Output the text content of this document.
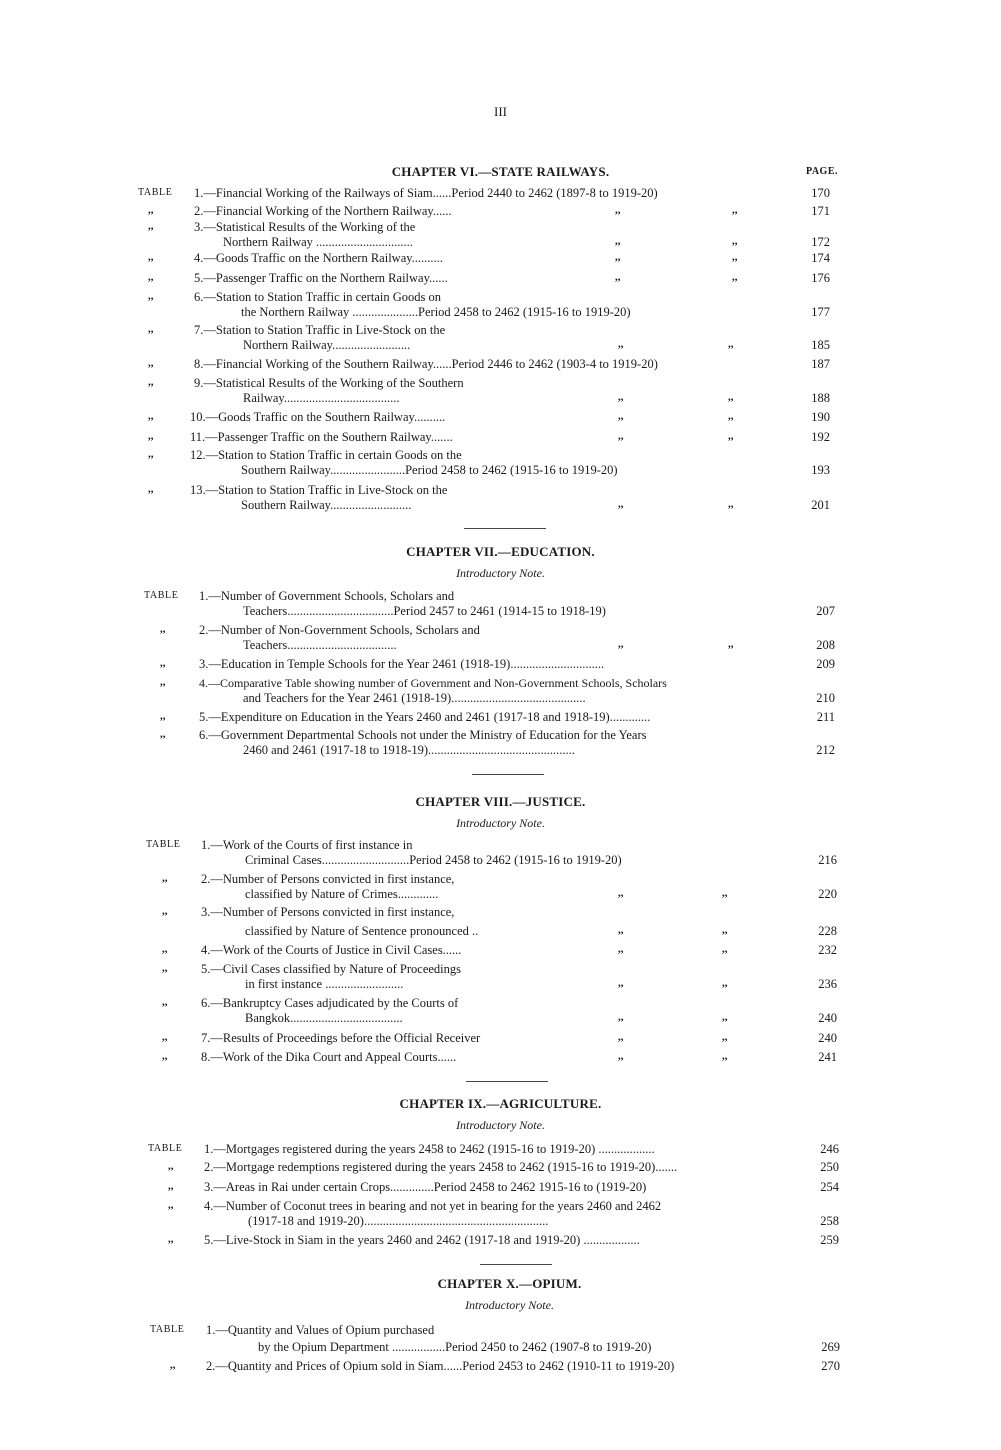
III
CHAPTER VI.—STATE RAILWAYS.	PAGE.
TABLE 1.—Financial Working of the Railways of Siam......Period 2440 to 2462 (1897-8 to 1919-20)	170
,,	2.—Financial Working of the Northern Railway......	,,	,,	171
,,	3.—Statistical Results of the Working of the
Northern Railway ...............................	,,	,,	172
,,	4.—Goods Traffic on the Northern Railway..........	,,	,,	174
,,	5.—Passenger Traffic on the Northern Railway......	,,	,,	176
,,	6.—Station to Station Traffic in certain Goods on
the Northern Railway .....................Period 2458 to 2462 (1915-16 to 1919-20)	177
,,	7.—Station to Station Traffic in Live-Stock on the
Northern Railway.........................	,,	,,	185
,,	8.—Financial Working of the Southern Railway......Period 2446 to 2462 (1903-4 to 1919-20)	187
,,	9.—Statistical Results of the Working of the Southern
Railway.....................................	,,	,,	188
,,	10.—Goods Traffic on the Southern Railway..........	,,	,,	190
,,	11.—Passenger Traffic on the Southern Railway.......	,,	,,	192
,,	12.—Station to Station Traffic in certain Goods on the
Southern Railway........................Period 2458 to 2462 (1915-16 to 1919-20)	193
,,	13.—Station to Station Traffic in Live-Stock on the
Southern Railway..........................	,,	,,	201
CHAPTER VII.—EDUCATION.
Introductory Note.
TABLE 1.—Number of Government Schools, Scholars and
Teachers..................................Period 2457 to 2461 (1914-15 to 1918-19)	207
,,	2.—Number of Non-Government Schools, Scholars and
Teachers...................................	,,	,,	208
,,	3.—Education in Temple Schools for the Year 2461 (1918-19)..............................	209
,,	4.—Comparative Table showing number of Government and Non-Government Schools, Scholars
and Teachers for the Year 2461 (1918-19)...........................................	210
,,	5.—Expenditure on Education in the Years 2460 and 2461 (1917-18 and 1918-19).............	211
,,	6.—Government Departmental Schools not under the Ministry of Education for the Years
2460 and 2461 (1917-18 to 1918-19)...............................................	212
CHAPTER VIII.—JUSTICE.
Introductory Note.
TABLE 1.—Work of the Courts of first instance in
Criminal Cases............................Period 2458 to 2462 (1915-16 to 1919-20)	216
,,	2.—Number of Persons convicted in first instance,
classified by Nature of Crimes.............	,,	,,	220
,,	3.—Number of Persons convicted in first instance,
classified by Nature of Sentence pronounced ..	,,	,,	228
,,	4.—Work of the Courts of Justice in Civil Cases......	,,	,,	232
,,	5.—Civil Cases classified by Nature of Proceedings
in first instance .........................	,,	,,	236
,,	6.—Bankruptcy Cases adjudicated by the Courts of
Bangkok....................................	,,	,,	240
,,	7.—Results of Proceedings before the Official Receiver	,,	,,	240
,,	8.—Work of the Dika Court and Appeal Courts......	,,	,,	241
CHAPTER IX.—AGRICULTURE.
Introductory Note.
TABLE 1.—Mortgages registered during the years 2458 to 2462 (1915-16 to 1919-20) ..................	246
,, 2.—Mortgage redemptions registered during the years 2458 to 2462 (1915-16 to 1919-20).......	250
,, 3.—Areas in Rai under certain Crops..............Period 2458 to 2462 1915-16 to (1919-20)	254
,, 4.—Number of Coconut trees in bearing and not yet in bearing for the years 2460 and 2462
(1917-18 and 1919-20)...........................................................	258
,, 5.—Live-Stock in Siam in the years 2460 and 2462 (1917-18 and 1919-20) ..................	259
CHAPTER X.—OPIUM.
Introductory Note.
TABLE 1.—Quantity and Values of Opium purchased
by the Opium Department .................Period 2450 to 2462 (1907-8 to 1919-20)	269
,, 2.—Quantity and Prices of Opium sold in Siam......Period 2453 to 2462 (1910-11 to 1919-20)	270
